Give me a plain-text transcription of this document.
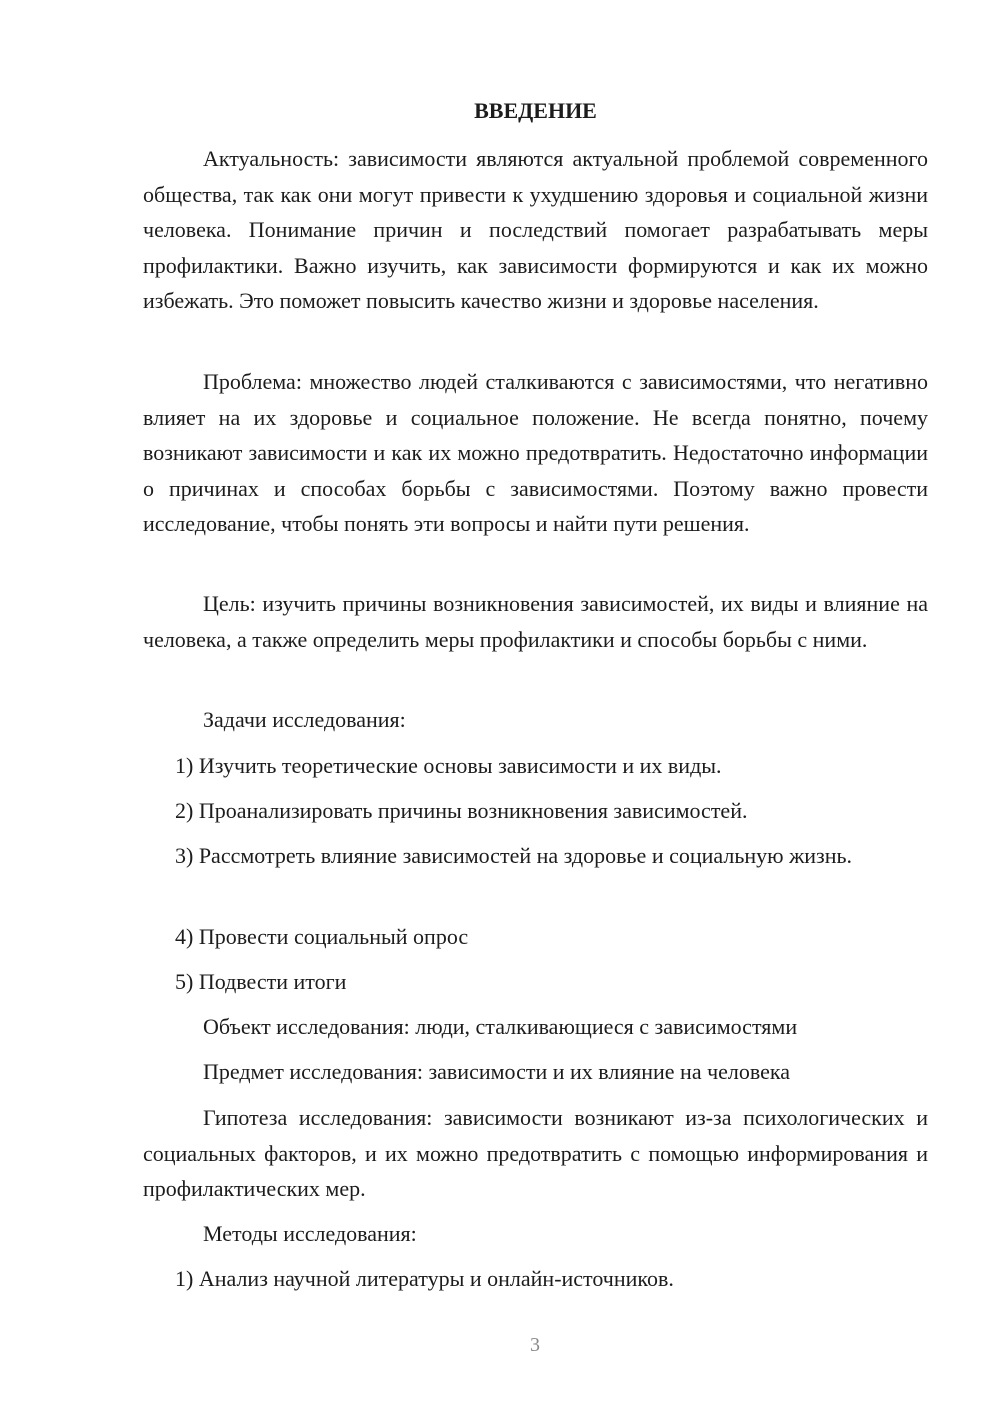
ВВЕДЕНИЕ

Актуальность: зависимости являются актуальной проблемой современного общества, так как они могут привести к ухудшению здоровья и социальной жизни человека. Понимание причин и последствий помогает разрабатывать меры профилактики. Важно изучить, как зависимости формируются и как их можно избежать. Это поможет повысить качество жизни и здоровье населения.

Проблема: множество людей сталкиваются с зависимостями, что негативно влияет на их здоровье и социальное положение. Не всегда понятно, почему возникают зависимости и как их можно предотвратить. Недостаточно информации о причинах и способах борьбы с зависимостями. Поэтому важно провести исследование, чтобы понять эти вопросы и найти пути решения.

Цель: изучить причины возникновения зависимостей, их виды и влияние на человека, а также определить меры профилактики и способы борьбы с ними.

Задачи исследования:

1) Изучить теоретические основы зависимости и их виды.

2) Проанализировать причины возникновения зависимостей.

3) Рассмотреть влияние зависимостей на здоровье и социальную жизнь.

4) Провести социальный опрос

5) Подвести итоги

Объект исследования: люди, сталкивающиеся с зависимостями

Предмет исследования: зависимости и их влияние на человека

Гипотеза исследования: зависимости возникают из-за психологических и социальных факторов, и их можно предотвратить с помощью информирования и профилактических мер.

Методы исследования:

1) Анализ научной литературы и онлайн-источников.

3
